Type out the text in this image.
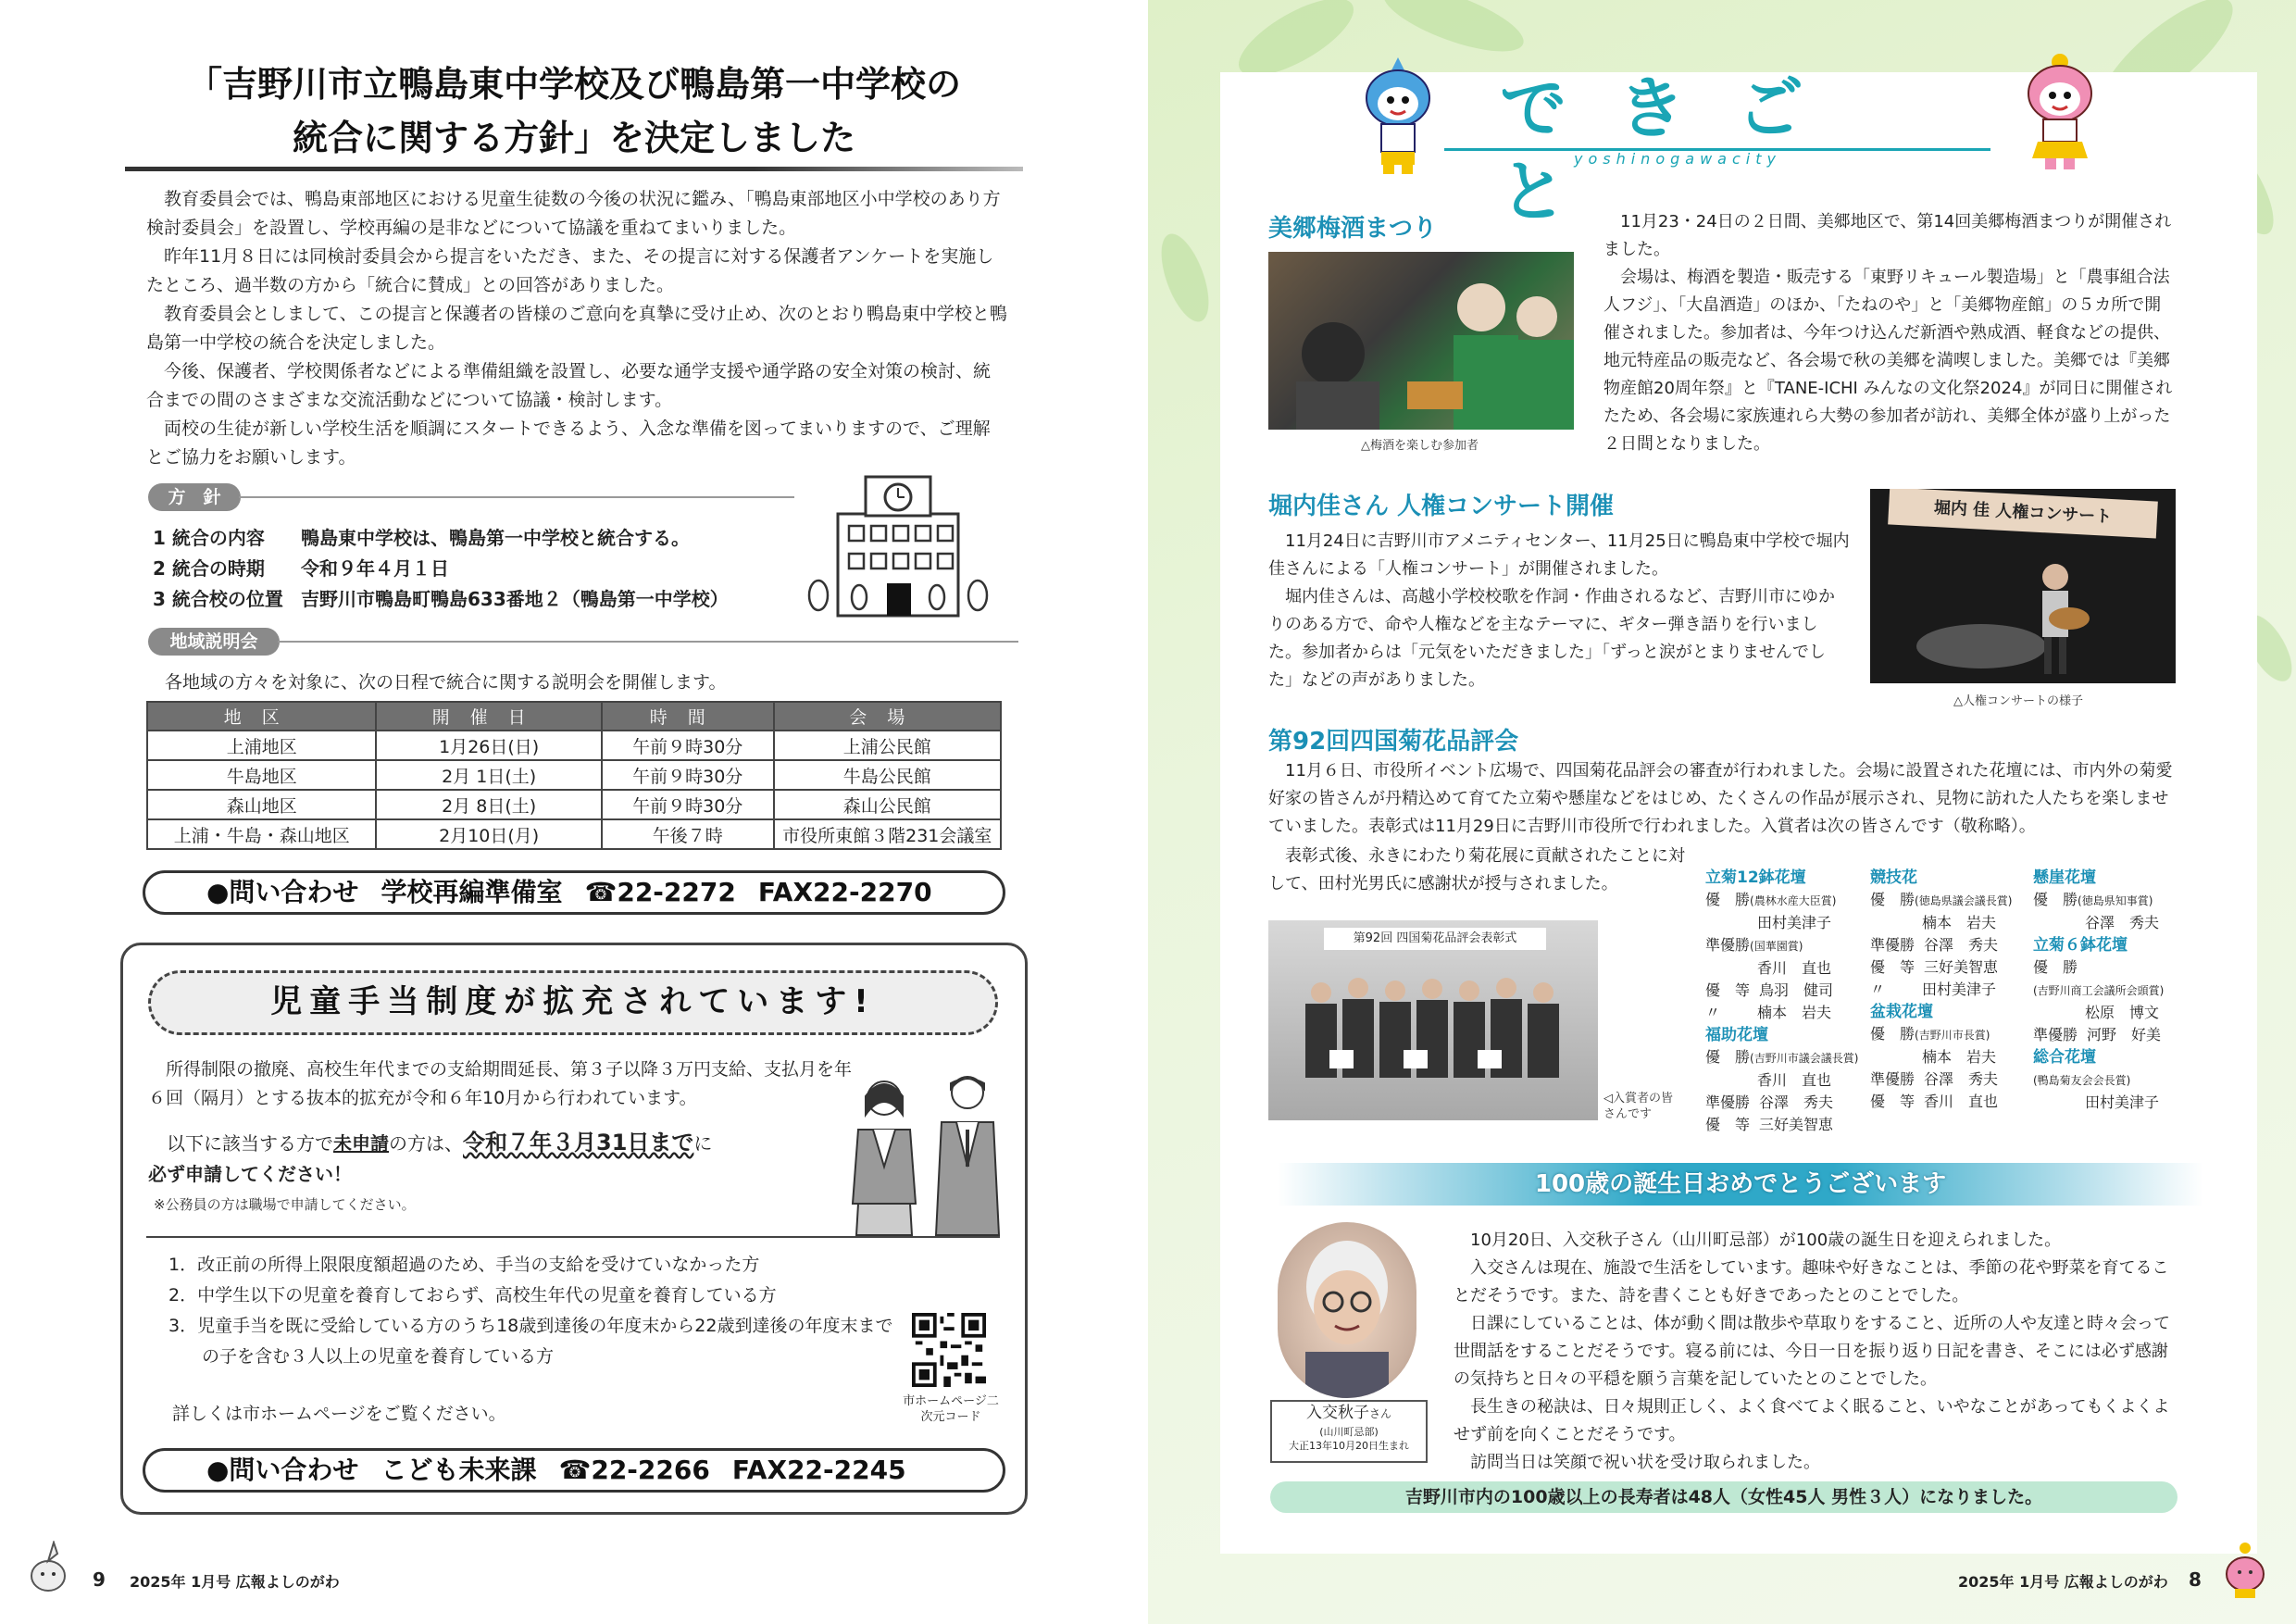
「吉野川市立鴨島東中学校及び鴨島第一中学校の
統合に関する方針」を決定しました

教育委員会では、鴨島東部地区における児童生徒数の今後の状況に鑑み、「鴨島東部地区小中学校のあり方検討委員会」を設置し、学校再編の是非などについて協議を重ねてまいりました。

昨年11月８日には同検討委員会から提言をいただき、また、その提言に対する保護者アンケートを実施したところ、過半数の方から「統合に賛成」との回答がありました。

教育委員会としまして、この提言と保護者の皆様のご意向を真摯に受け止め、次のとおり鴨島東中学校と鴨島第一中学校の統合を決定しました。

今後、保護者、学校関係者などによる準備組織を設置し、必要な通学支援や通学路の安全対策の検討、統合までの間のさまざまな交流活動などについて協議・検討します。

両校の生徒が新しい学校生活を順調にスタートできるよう、入念な準備を図ってまいりますので、ご理解とご協力をお願いします。

方　針
1 統合の内容 鴨島東中学校は、鴨島第一中学校と統合する。
2 統合の時期 令和９年４月１日
3 統合校の位置 吉野川市鴨島町鴨島633番地２（鴨島第一中学校）
地域説明会
各地域の方々を対象に、次の日程で統合に関する説明会を開催します。
地区	開催日	時間	会場
上浦地区	1月26日(日)	午前９時30分	上浦公民館
牛島地区	2月 1日(土)	午前９時30分	牛島公民館
森山地区	2月 8日(土)	午前９時30分	森山公民館
上浦・牛島・森山地区	2月10日(月)	午後７時	市役所東館３階231会議室
●問い合わせ 学校再編準備室 ☎22-2272 FAX22-2270
児童手当制度が拡充されています!

所得制限の撤廃、高校生年代までの支給期間延長、第３子以降３万円支給、支払月を年６回（隔月）とする抜本的拡充が令和６年10月から行われています。

以下に該当する方で未申請の方は、令和７年３月31日までに
必ず申請してください！
※公務員の方は職場で申請してください。
1．改正前の所得上限限度額超過のため、手当の支給を受けていなかった方
2．中学生以下の児童を養育しておらず、高校生年代の児童を養育している方
3．児童手当を既に受給している方のうち18歳到達後の年度末から22歳到達後の年度末までの子を含む３人以上の児童を養育している方
詳しくは市ホームページをご覧ください。
市ホームページ二次元コード
●問い合わせ こども未来課 ☎22-2266 FAX22-2245
9 2025年 1月号 広報よしのがわ
できごと
yoshinogawacity
美郷梅酒まつり
△梅酒を楽しむ参加者

11月23・24日の２日間、美郷地区で、第14回美郷梅酒まつりが開催されました。

会場は、梅酒を製造・販売する「東野リキュール製造場」と「農事組合法人フジ」、「大畠酒造」のほか、「たねのや」と「美郷物産館」の５カ所で開催されました。参加者は、今年つけ込んだ新酒や熟成酒、軽食などの提供、地元特産品の販売など、各会場で秋の美郷を満喫しました。美郷では『美郷物産館20周年祭』と『TANE-ICHI みんなの文化祭2024』が同日に開催されたため、各会場に家族連れら大勢の参加者が訪れ、美郷全体が盛り上がった２日間となりました。

堀内佳さん 人権コンサート開催

11月24日に吉野川市アメニティセンター、11月25日に鴨島東中学校で堀内佳さんによる「人権コンサート」が開催されました。

堀内佳さんは、高越小学校校歌を作詞・作曲されるなど、吉野川市にゆかりのある方で、命や人権などを主なテーマに、ギター弾き語りを行いました。参加者からは「元気をいただきました」「ずっと涙がとまりませんでした」などの声がありました。

堀内 佳 人権コンサート
△人権コンサートの様子
第92回四国菊花品評会

11月６日、市役所イベント広場で、四国菊花品評会の審査が行われました。会場に設置された花壇には、市内外の菊愛好家の皆さんが丹精込めて育てた立菊や懸崖などをはじめ、たくさんの作品が展示され、見物に訪れた人たちを楽しませていました。表彰式は11月29日に吉野川市役所で行われました。入賞者は次の皆さんです（敬称略）。

表彰式後、永きにわたり菊花展に貢献されたことに対して、田村光男氏に感謝状が授与されました。

第92回 四国菊花品評会表彰式
◁入賞者の皆さんです
立菊12鉢花壇
優　勝(農林水産大臣賞)
田村美津子
準優勝(国華園賞)
香川　直也
優　等 鳥羽　健司
〃 楠本　岩夫
福助花壇
優　勝(吉野川市議会議長賞)
香川　直也
準優勝 谷澤　秀夫
優　等 三好美智恵
競技花
優　勝(徳島県議会議長賞)
楠本　岩夫
準優勝 谷澤　秀夫
優　等 三好美智恵
〃 田村美津子
盆栽花壇
優　勝(吉野川市長賞)
楠本　岩夫
準優勝 谷澤　秀夫
優　等 香川　直也
懸崖花壇
優　勝(徳島県知事賞)
谷澤　秀夫
立菊６鉢花壇
優　勝
(吉野川商工会議所会頭賞)
松原　博文
準優勝 河野　好美
総合花壇
(鴨島菊友会会長賞)
田村美津子
100歳の誕生日おめでとうございます
入交秋子さん
(山川町忌部)
大正13年10月20日生まれ

10月20日、入交秋子さん（山川町忌部）が100歳の誕生日を迎えられました。

入交さんは現在、施設で生活をしています。趣味や好きなことは、季節の花や野菜を育てることだそうです。また、詩を書くことも好きであったとのことでした。

日課にしていることは、体が動く間は散歩や草取りをすること、近所の人や友達と時々会って世間話をすることだそうです。寝る前には、今日一日を振り返り日記を書き、そこには必ず感謝の気持ちと日々の平穏を願う言葉を記していたとのことでした。

長生きの秘訣は、日々規則正しく、よく食べてよく眠ること、いやなことがあってもくよくよせず前を向くことだそうです。

訪問当日は笑顔で祝い状を受け取られました。

吉野川市内の100歳以上の長寿者は48人（女性45人 男性３人）になりました。
2025年 1月号 広報よしのがわ 8
